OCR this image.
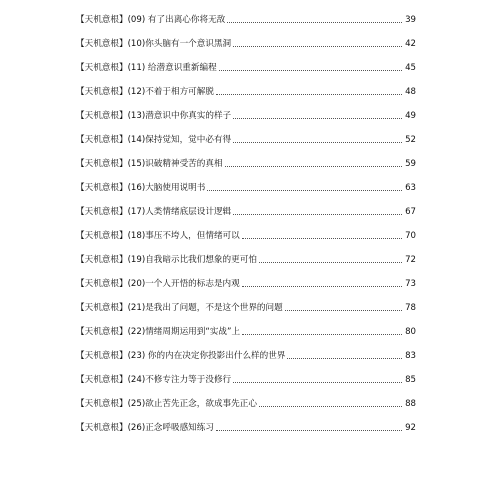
【天机意根】(09) 有了出离心你将无敌	39
【天机意根】(10)你头脑有一个意识黑洞	42
【天机意根】(11) 给潜意识重新编程	45
【天机意根】(12)不着于相方可解脱	48
【天机意根】(13)潜意识中你真实的样子	49
【天机意根】(14)保持觉知，觉中必有得	52
【天机意根】(15)识破精神受苦的真相	59
【天机意根】(16)大脑使用说明书	63
【天机意根】(17)人类情绪底层设计逻辑	67
【天机意根】(18)事压不垮人，但情绪可以	70
【天机意根】(19)自我暗示比我们想象的更可怕	72
【天机意根】(20)一个人开悟的标志是内观	73
【天机意根】(21)是我出了问题，不是这个世界的问题	78
【天机意根】(22)情绪周期运用到“实战”上	80
【天机意根】(23) 你的内在决定你投影出什么样的世界	83
【天机意根】(24)不修专注力等于没修行	85
【天机意根】(25)欲止苦先正念，欲成事先正心	88
【天机意根】(26)正念呼吸感知练习	92
